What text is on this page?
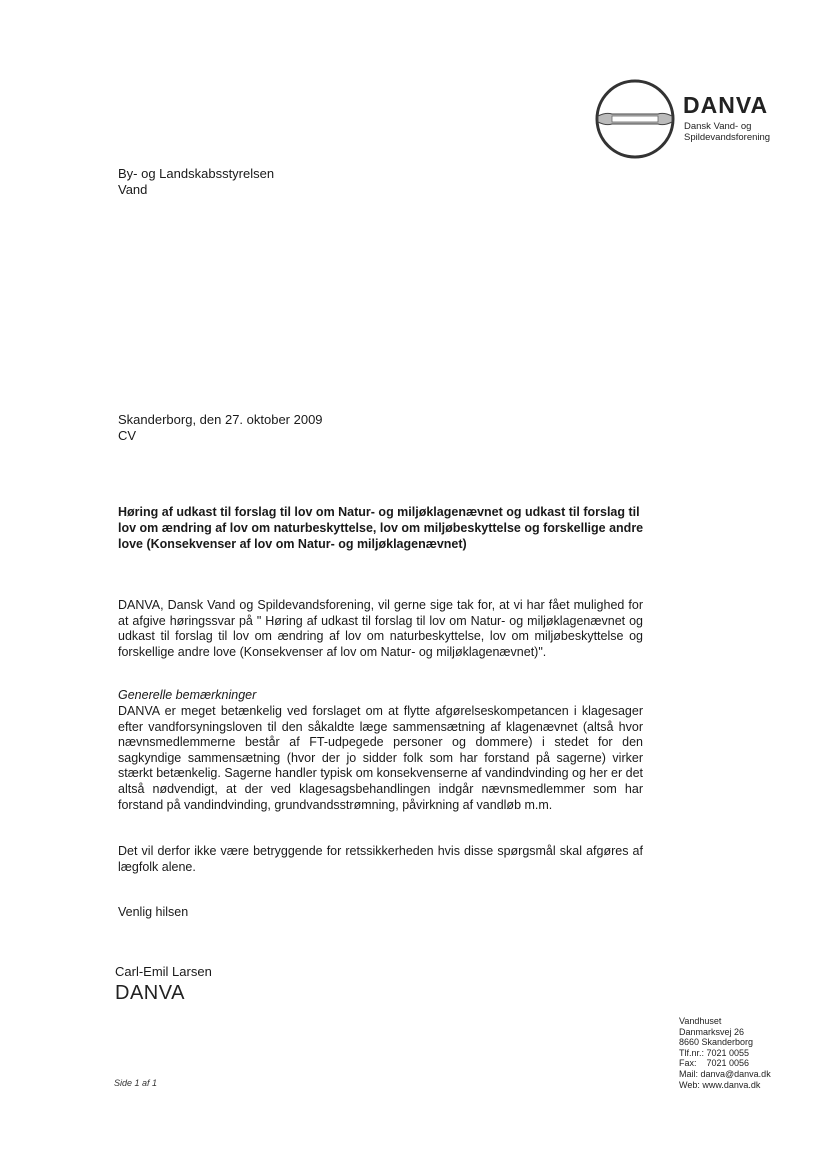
DANVA
Dansk Vand- og
Spildevandsforening
By- og Landskabsstyrelsen
Vand
Skanderborg, den 27. oktober 2009
CV
Høring af udkast til forslag til lov om Natur- og miljøklagenævnet og udkast til forslag til lov om ændring af lov om naturbeskyttelse, lov om miljøbeskyttelse og forskellige andre love (Konsekvenser af lov om Natur- og miljøklagenævnet)

DANVA, Dansk Vand og Spildevandsforening, vil gerne sige tak for, at vi har fået mulighed for at afgive høringssvar på " Høring af udkast til forslag til lov om Natur- og miljøklagenævnet og udkast til forslag til lov om ændring af lov om naturbeskyttelse, lov om miljøbeskyttelse og forskellige andre love (Konsekvenser af lov om Natur- og miljøklagenævnet)".

Generelle bemærkninger

DANVA er meget betænkelig ved forslaget om at flytte afgørelseskompetancen i klagesager efter vandforsyningsloven til den såkaldte læge sammensætning af klagenævnet (altså hvor nævnsmedlemmerne består af FT-udpegede personer og dommere) i stedet for den sagkyndige sammensætning (hvor der jo sidder folk som har forstand på sagerne) virker stærkt betænkelig. Sagerne handler typisk om konsekvenserne af vandindvinding og her er det altså nødvendigt, at der ved klagesagsbehandlingen indgår nævnsmedlemmer som har forstand på vandindvinding, grundvandsstrømning, påvirkning af vandløb m.m.

Det vil derfor ikke være betryggende for retssikkerheden hvis disse spørgsmål skal afgøres af lægfolk alene.

Venlig hilsen
Carl-Emil Larsen
DANVA
Side 1 af 1
Vandhuset
Danmarksvej 26
8660 Skanderborg
Tlf.nr.: 7021 0055
Fax:    7021 0056
Mail: danva@danva.dk
Web: www.danva.dk
